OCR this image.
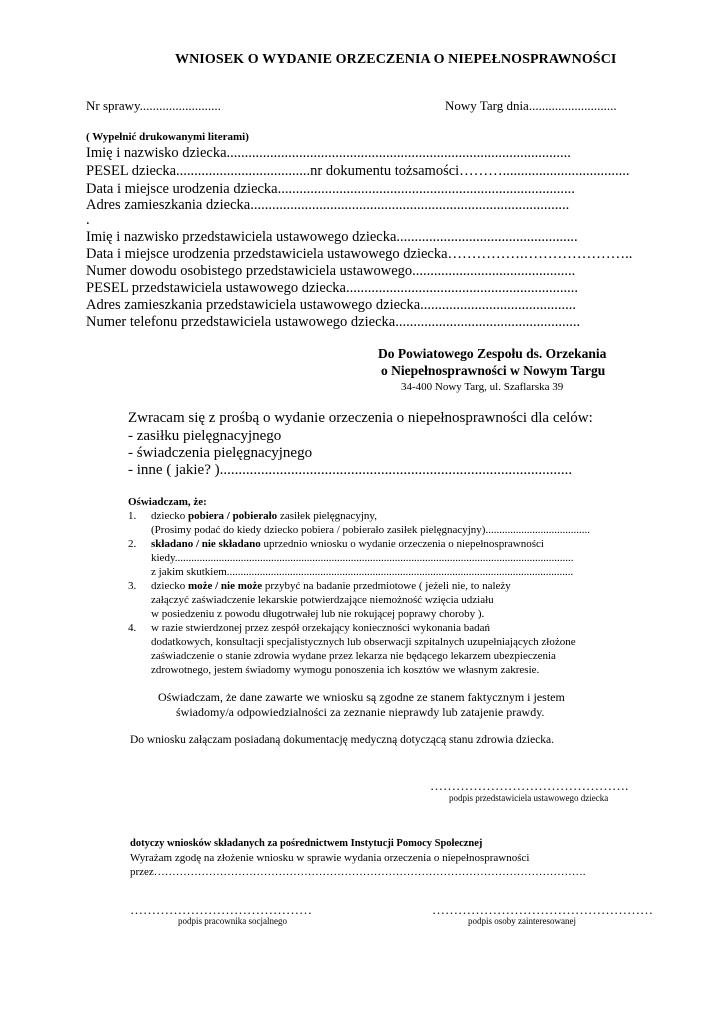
WNIOSEK O WYDANIE ORZECZENIA O NIEPEŁNOSPRAWNOŚCI
Nr sprawy.........................	Nowy Targ dnia...........................
( Wypełnić drukowanymi literami)
Imię i nazwisko dziecka...............................................................................................
PESEL dziecka.....................................nr dokumentu tożsamości………...................................
Data i miejsce urodzenia dziecka..................................................................................
Adres zamieszkania dziecka........................................................................................
.
Imię i nazwisko przedstawiciela ustawowego dziecka..................................................
Data i miejsce urodzenia przedstawiciela ustawowego dziecka…………….…………………..
Numer dowodu osobistego przedstawiciela ustawowego.............................................
PESEL przedstawiciela ustawowego dziecka................................................................
Adres zamieszkania przedstawiciela ustawowego dziecka...........................................
Numer telefonu przedstawiciela ustawowego dziecka...................................................
Do Powiatowego Zespołu ds. Orzekania
o Niepełnosprawności w Nowym Targu
34-400 Nowy Targ, ul. Szaflarska 39
Zwracam się z prośbą o wydanie orzeczenia o niepełnosprawności dla celów:
- zasiłku pielęgnacyjnego
- świadczenia pielęgnacyjnego
- inne ( jakie? )..............................................................................................
Oświadczam, że:
1. dziecko pobiera / pobierało zasiłek pielęgnacyjny,
(Prosimy podać do kiedy dziecko pobiera / pobierało zasiłek pielęgnacyjny)......................................
2. składano / nie składano uprzednio wniosku o wydanie orzeczenia o niepełnosprawności
kiedy.................................................................................................................................................
z jakim skutkiem..............................................................................................................................
3. dziecko może / nie może przybyć na badanie przedmiotowe ( jeżeli nie, to należy
załączyć zaświadczenie lekarskie potwierdzające niemożność wzięcia udziału
w posiedzeniu z powodu długotrwałej lub nie rokującej poprawy choroby ).
4. w razie stwierdzonej przez zespół orzekający konieczności wykonania badań
dodatkowych, konsultacji specjalistycznych lub obserwacji szpitalnych uzupełniających złożone
zaświadczenie o stanie zdrowia wydane przez lekarza nie będącego lekarzem ubezpieczenia
zdrowotnego, jestem świadomy wymogu ponoszenia ich kosztów we własnym zakresie.
Oświadczam, że dane zawarte we wniosku są zgodne ze stanem faktycznym i jestem
świadomy/a odpowiedzialności za zeznanie nieprawdy lub zatajenie prawdy.
Do wniosku załączam posiadaną dokumentację medyczną dotyczącą stanu zdrowia dziecka.
……………………………………….
podpis przedstawiciela ustawowego dziecka
dotyczy wniosków składanych za pośrednictwem Instytucji Pomocy Społecznej
Wyrażam zgodę na złożenie wniosku w sprawie wydania orzeczenia o niepełnosprawności
przez……………………………………………………………………………………………………….
……………………………………
podpis pracownika socjalnego
……………………………………………
podpis osoby zainteresowanej
